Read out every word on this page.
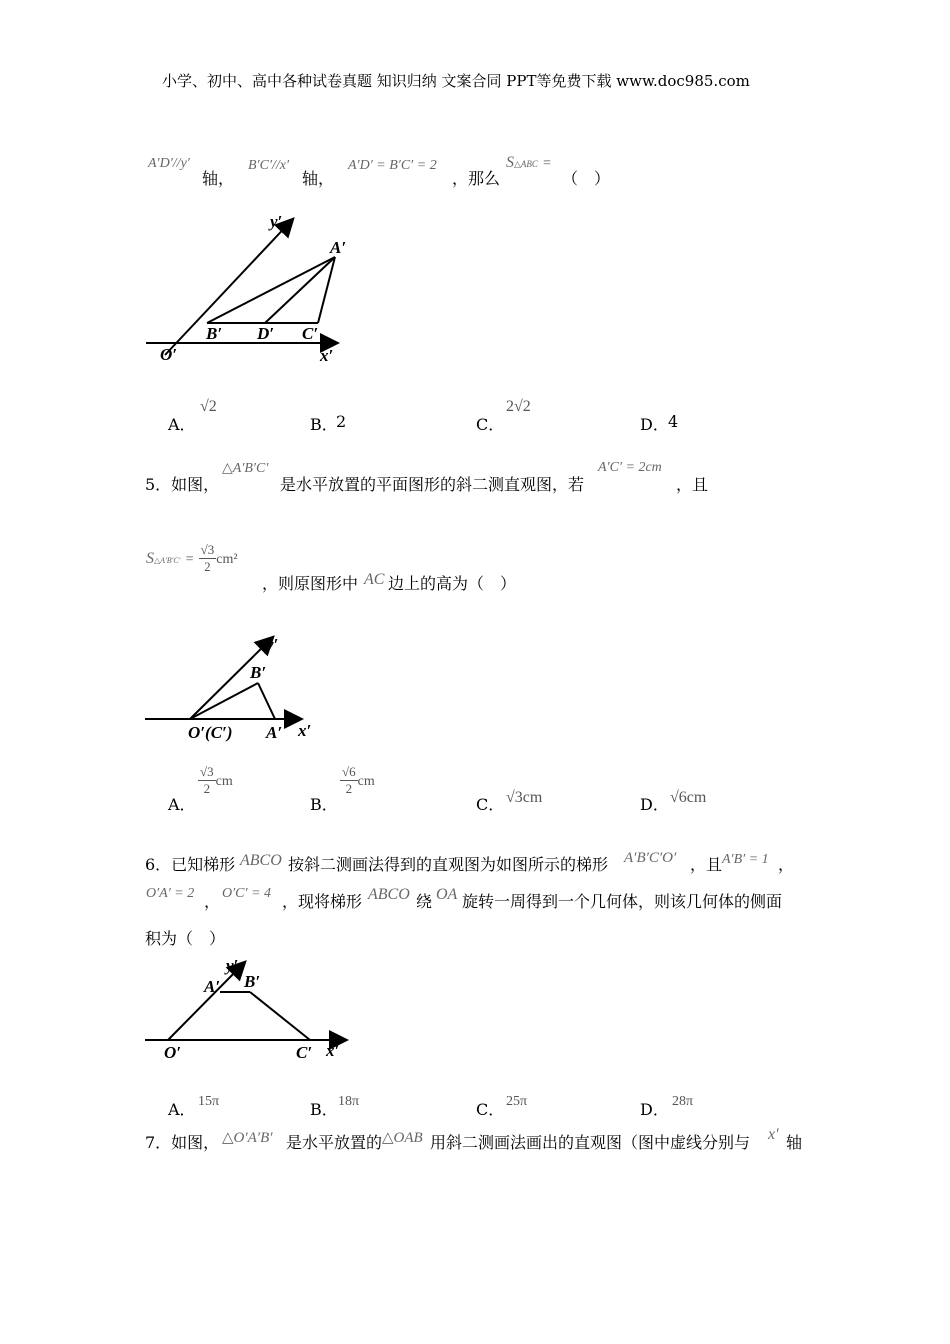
小学、初中、高中各种试卷真题 知识归纳 文案合同 PPT等免费下载 www.doc985.com
A′D′//y′
轴，
B′C′//x′
轴，
A′D′ = B′C′ = 2
，那么
S△ABC =
（　）
y′
A′
B′ D′ C′
O′	x′
A．
√2
B．
2	C．
2√2
D． 4
5．如图，
△A′B′C′
是水平放置的平面图形的斜二测直观图，若
A′C′ = 2cm
，且
S△A′B′C′ = $\frac{√3}{2} cm^2$
，则原图形中 AC 边上的高为（　）
y′
B′
O′(C′) A′ x′
A．
$\frac{√3}{2}$ cm
B．
$\frac{√6}{2}$ cm
C． √3cm	D． √6cm
6．已知梯形 ABCO 按斜二测画法得到的直观图为如图所示的梯形 A′B′C′O′ ，且 A′B′ = 1 ，
O′A′ = 2 ， O′C′ = 4 ，现将梯形 ABCO 绕 OA 旋转一周得到一个几何体，则该几何体的侧面
积为（　）
y′
A′ B′
O′	C′ x′
A． 15π	B． 18π	C． 25π	D． 28π
7．如图， △O′A′B′ 是水平放置的 △OAB 用斜二测画法画出的直观图（图中虚线分别与 x′ 轴
